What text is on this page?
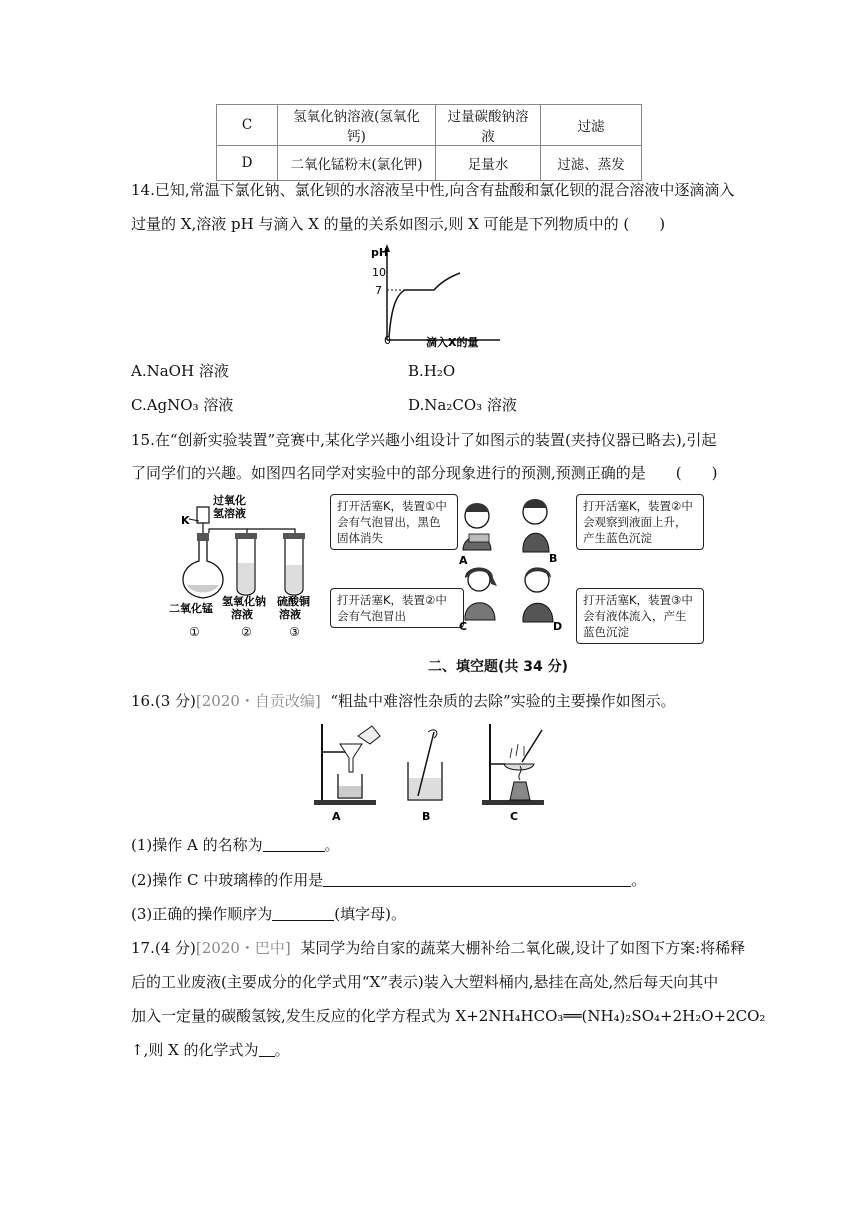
C	氢氧化钠溶液(氢氧化钙)	过量碳酸钠溶液	过滤
D	二氧化锰粉末(氯化钾)	足量水	过滤、蒸发
14.已知,常温下氯化钠、氯化钡的水溶液呈中性,向含有盐酸和氯化钡的混合溶液中逐滴滴入
过量的 X,溶液 pH 与滴入 X 的量的关系如图示,则 X 可能是下列物质中的 (　　)
pH
10
7
0	滴入X的量
A.NaOH 溶液	B.H₂O
C.AgNO₃ 溶液	D.Na₂CO₃ 溶液
15.在“创新实验装置”竞赛中,某化学兴趣小组设计了如图示的装置(夹持仪器已略去),引起
了同学们的兴趣。如图四名同学对实验中的部分现象进行的预测,预测正确的是　　(　　)
过氧化
氢溶液
K
二氧化锰
氢氧化钠
溶液
硫酸铜
溶液
①	②	③
打开活塞K，装置①中会有气泡冒出，黑色固体消失
打开活塞K，装置②中会观察到液面上升，产生蓝色沉淀
打开活塞K，装置②中会有气泡冒出
打开活塞K，装置③中会有液体流入，产生蓝色沉淀
A	B
C	D
二、填空题(共 34 分)
16.(3 分)[2020・自贡改编] “粗盐中难溶性杂质的去除”实验的主要操作如图示。
A	B	C
(1)操作 A 的名称为	。
(2)操作 C 中玻璃棒的作用是	。
(3)正确的操作顺序为	(填字母)。
17.(4 分)[2020・巴中] 某同学为给自家的蔬菜大棚补给二氧化碳,设计了如图下方案:将稀释
后的工业废液(主要成分的化学式用“X”表示)装入大塑料桶内,悬挂在高处,然后每天向其中
加入一定量的碳酸氢铵,发生反应的化学方程式为 X+2NH₄HCO₃══(NH₄)₂SO₄+2H₂O+2CO₂
↑,则 X 的化学式为 。
